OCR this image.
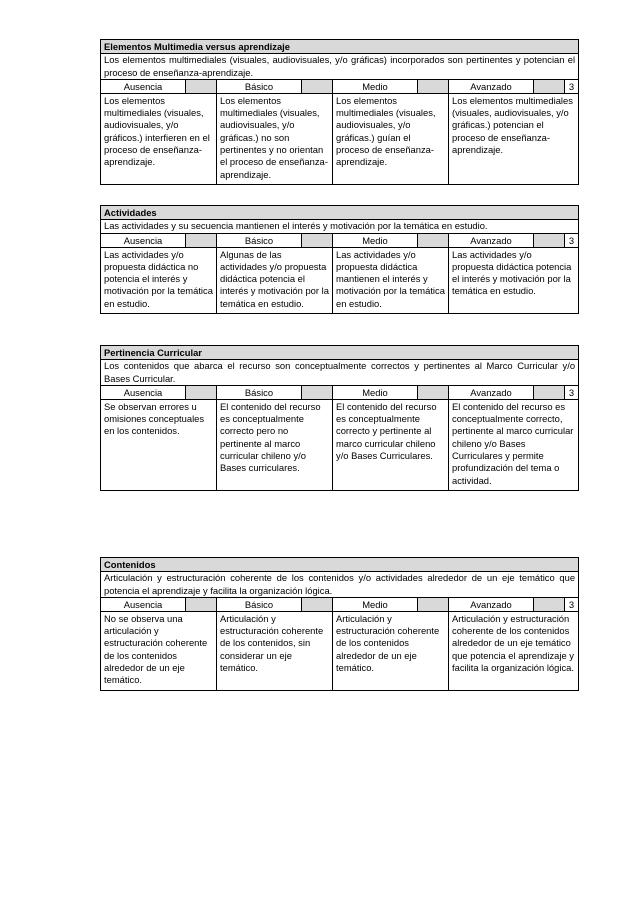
Elementos Multimedia versus aprendizaje								
Los elementos multimediales (visuales, audiovisuales, y/o gráficas) incorporados son pertinentes y potencian el proceso de enseñanza-aprendizaje.								
Ausencia		Básico		Medio		Avanzado		3
Los elementos multimediales (visuales, audiovisuales, y/o gráficos.) interfieren en el proceso de enseñanza-aprendizaje.		Los elementos multimediales (visuales, audiovisuales, y/o gráficas.) no son pertinentes y no orientan el proceso de enseñanza-aprendizaje.		Los elementos multimediales (visuales, audiovisuales, y/o gráficas.) guían el proceso de enseñanza-aprendizaje.		Los elementos multimediales (visuales, audiovisuales, y/o gráficas.) potencian el proceso de enseñanza-aprendizaje.		
Actividades								
Las actividades y su secuencia mantienen el interés y motivación por la temática en estudio.								
Ausencia		Básico		Medio		Avanzado		3
Las actividades y/o propuesta didáctica no potencia el interés y motivación por la temática en estudio.		Algunas de las actividades y/o propuesta didáctica potencia el interés y motivación por la temática en estudio.		Las actividades y/o propuesta didáctica mantienen el interés y motivación por la temática en estudio.		Las actividades y/o propuesta didáctica potencia el interés y motivación por la temática en estudio.		
Pertinencia Curricular								
Los contenidos que abarca el recurso son conceptualmente correctos y pertinentes al Marco Curricular y/o Bases Curricular.								
Ausencia		Básico		Medio		Avanzado		3
Se observan errores u omisiones conceptuales en los contenidos.		El contenido del recurso es conceptualmente correcto pero no pertinente al marco curricular chileno y/o Bases curriculares.		El contenido del recurso es conceptualmente correcto y pertinente al marco curricular chileno y/o Bases Curriculares.		El contenido del recurso es conceptualmente correcto, pertinente al marco curricular chileno y/o Bases Curriculares y permite profundización del tema o actividad.		
Contenidos								
Articulación y estructuración coherente de los contenidos y/o actividades alrededor de un eje temático que potencia el aprendizaje y facilita la organización lógica.								
Ausencia		Básico		Medio		Avanzado		3
No se observa una articulación y estructuración coherente de los contenidos alrededor de un eje temático.		Articulación y estructuración coherente de los contenidos, sin considerar un eje temático.		Articulación y estructuración coherente de los contenidos alrededor de un eje temático.		Articulación y estructuración coherente de los contenidos alrededor de un eje temático que potencia el aprendizaje y facilita la organización lógica.		
